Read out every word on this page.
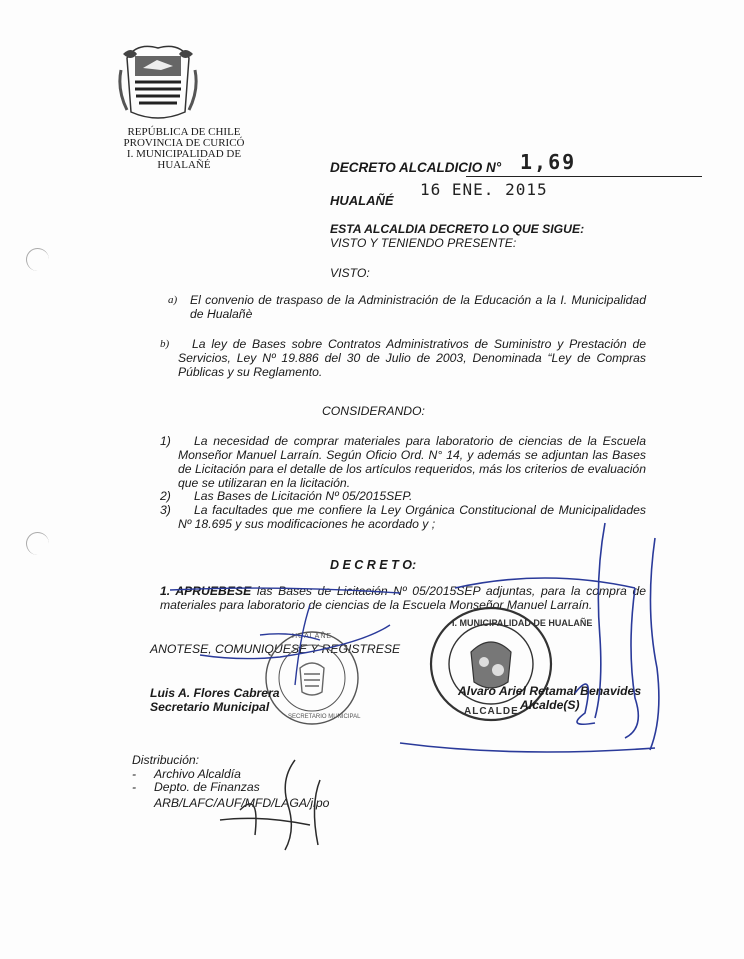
REPÚBLICA DE CHILE
PROVINCIA DE CURICÓ
I. MUNICIPALIDAD DE HUALAÑÉ	DECRETO ALCALDICIO N° 1,69
HUALAÑÉ
16 ENE. 2015
ESTA ALCALDIA DECRETO LO QUE SIGUE:
VISTO Y TENIENDO PRESENTE:
VISTO:
a) El convenio de traspaso de la Administración de la Educación a la I. Municipalidad de Hualañè
b)	La ley de Bases sobre Contratos Administrativos de Suministro y Prestación de Servicios, Ley Nº 19.886 del 30 de Julio de 2003, Denominada “Ley de Compras Públicas y su Reglamento.
CONSIDERANDO:
1)	La necesidad de comprar materiales para laboratorio de ciencias de la Escuela Monseñor Manuel Larraín. Según Oficio Ord. N° 14, y además se adjuntan las Bases de Licitación para el detalle de los artículos requeridos, más los criterios de evaluación que se utilizaran en la licitación.
2) Las Bases de Licitación Nº 05/2015SEP.
3)	La facultades que me confiere la Ley Orgánica Constitucional de Municipalidades Nº 18.695 y sus modificaciones he acordado y ;
D E C R E T O:
1. APRUEBESE las Bases de Licitación Nº 05/2015SEP adjuntas, para la compra de materiales para laboratorio de ciencias de la Escuela Monseñor Manuel Larraín.
ANOTESE, COMUNIQUESE Y REGISTRESE
HUALAÑE
SECRETARIO MUNICIPAL
I. MUNICIPALIDAD DE HUALAÑE
ALCALDE
Luis A. Flores Cabrera
Secretario Municipal
Alvaro Ariel Retamal Benavides
Alcalde(S)
Distribución:
- Archivo Alcaldía
- Depto. de Finanzas
ARB/LAFC/AUF/MFD/LAGA/jlpo
